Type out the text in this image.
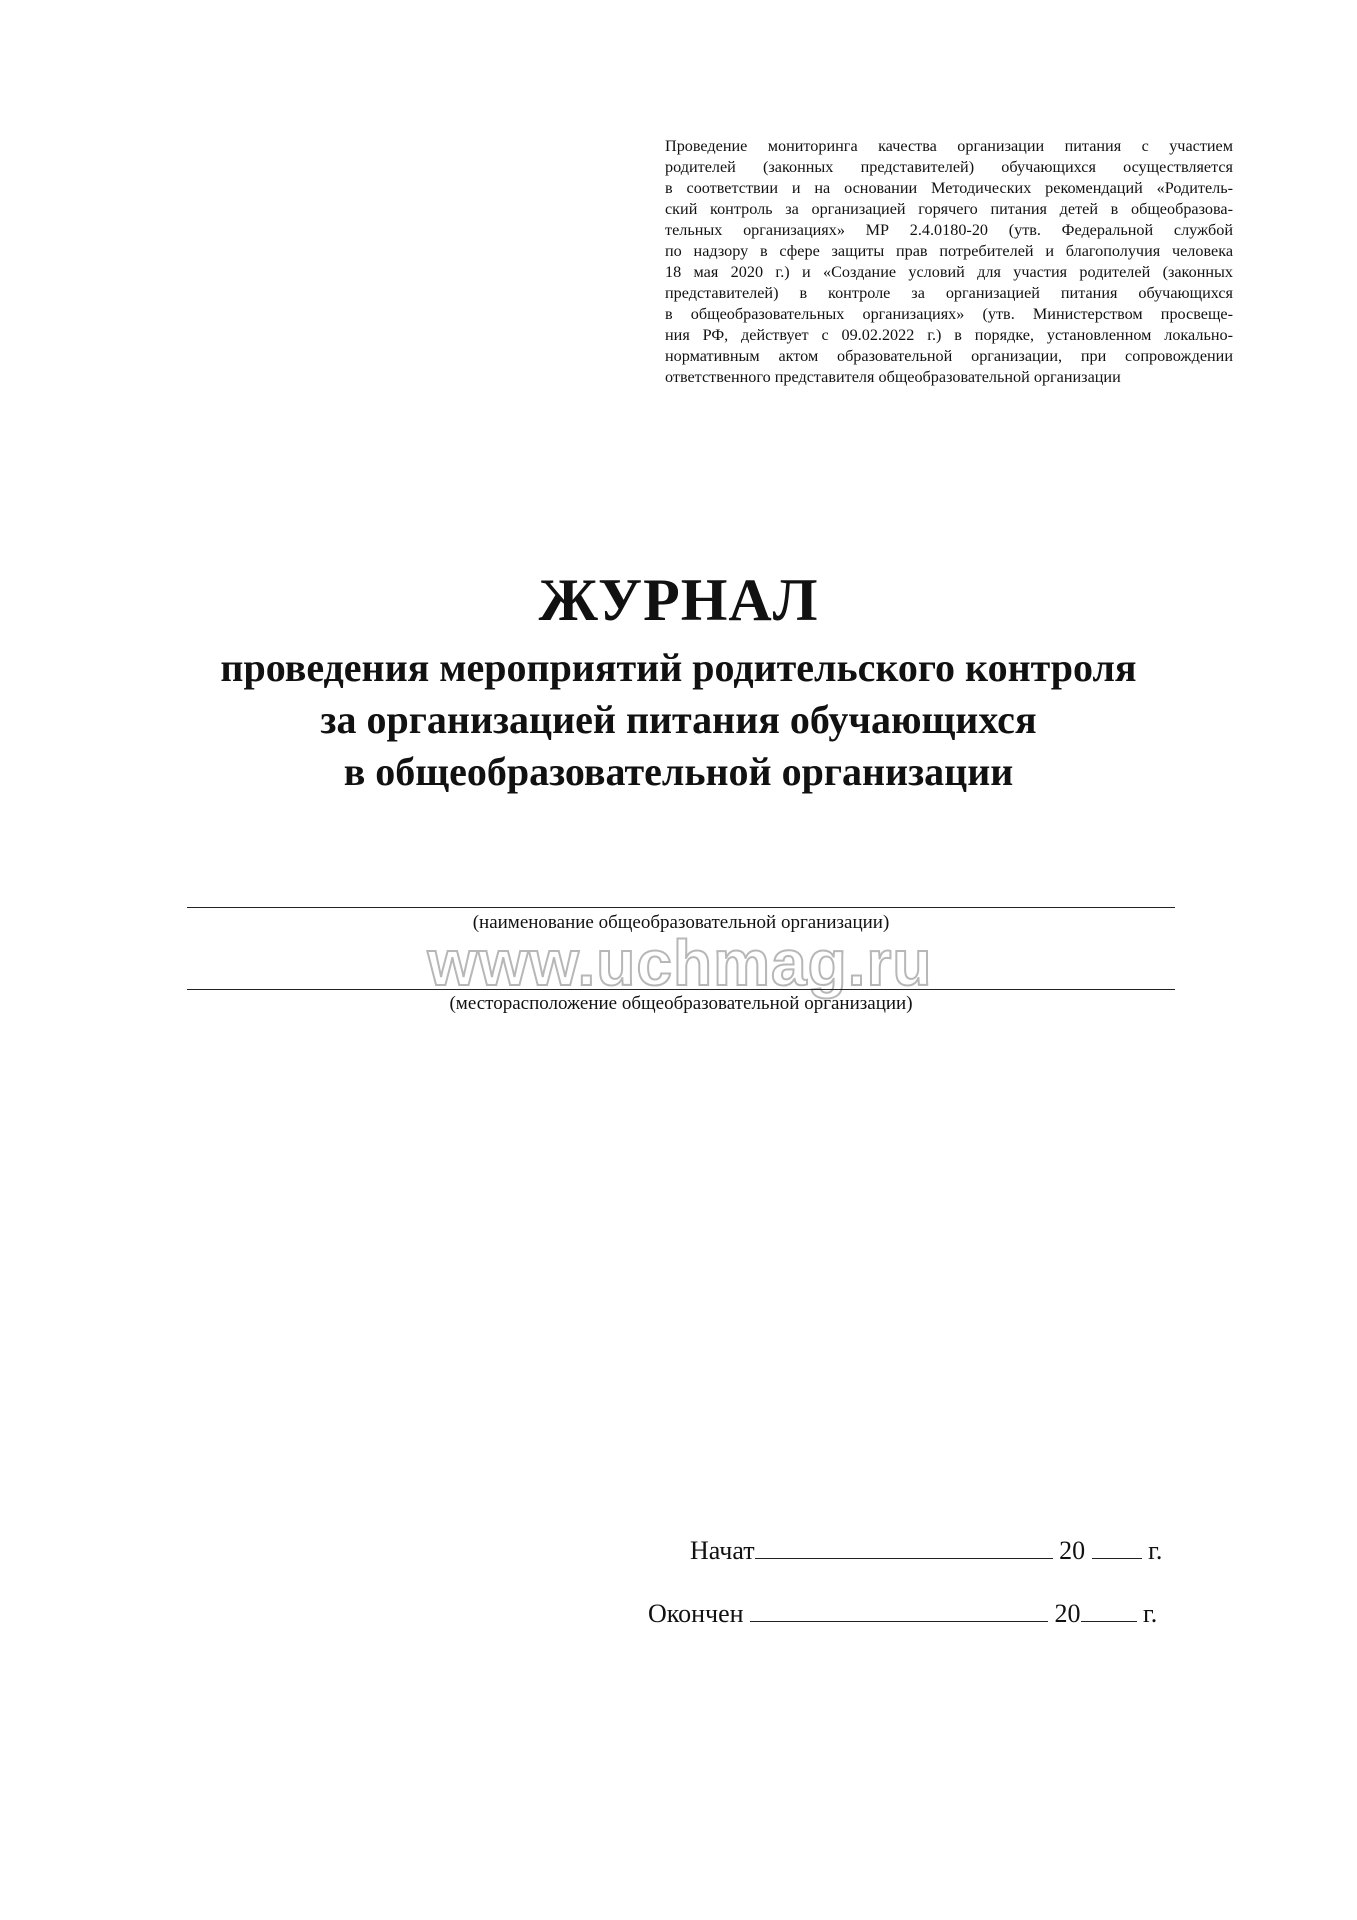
Проведение мониторинга качества организации питания с участием
родителей (законных представителей) обучающихся осуществляется
в соответствии и на основании Методических рекомендаций «Родитель-
ский контроль за организацией горячего питания детей в общеобразова-
тельных организациях» МР 2.4.0180-20 (утв. Федеральной службой
по надзору в сфере защиты прав потребителей и благополучия человека
18 мая 2020 г.) и «Создание условий для участия родителей (законных
представителей) в контроле за организацией питания обучающихся
в общеобразовательных организациях» (утв. Министерством просвеще-
ния РФ, действует с 09.02.2022 г.) в порядке, установленном локально-
нормативным актом образовательной организации, при сопровождении
ответственного представителя общеобразовательной организации
ЖУРНАЛ
проведения мероприятий родительского контроля
за организацией питания обучающихся
в общеобразовательной организации
(наименование общеобразовательной организации)
www.uchmag.ru
(месторасположение общеобразовательной организации)
Начат	20 г.
Окончен	20 г.
